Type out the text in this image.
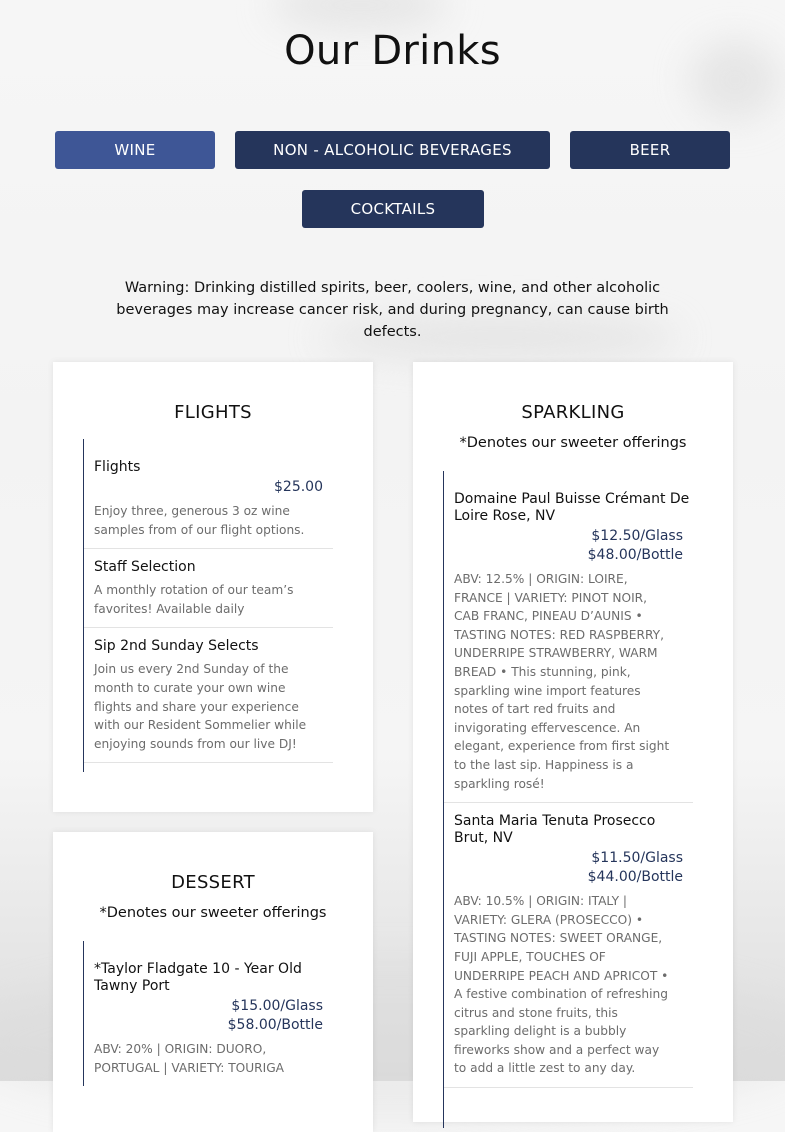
Our Drinks
WINE	NON - ALCOHOLIC BEVERAGES	BEER
COCKTAILS
Warning: Drinking distilled spirits, beer, coolers, wine, and other alcoholic beverages may increase cancer risk, and during pregnancy, can cause birth defects.
FLIGHTS
Flights
$25.00
Enjoy three, generous 3 oz wine samples from of our flight options.
Staff Selection
A monthly rotation of our team’s favorites! Available daily
Sip 2nd Sunday Selects
Join us every 2nd Sunday of the month to curate your own wine flights and share your experience with our Resident Sommelier while enjoying sounds from our live DJ!
DESSERT
*Denotes our sweeter offerings
*Taylor Fladgate 10 - Year Old Tawny Port
$15.00/Glass
$58.00/Bottle
ABV: 20% | ORIGIN: DUORO, PORTUGAL | VARIETY: TOURIGA
SPARKLING
*Denotes our sweeter offerings
Domaine Paul Buisse Crémant De Loire Rose, NV
$12.50/Glass
$48.00/Bottle
ABV: 12.5% | ORIGIN: LOIRE, FRANCE | VARIETY: PINOT NOIR, CAB FRANC, PINEAU D’AUNIS • TASTING NOTES: RED RASPBERRY, UNDERRIPE STRAWBERRY, WARM BREAD • This stunning, pink, sparkling wine import features notes of tart red fruits and invigorating effervescence. An elegant, experience from first sight to the last sip. Happiness is a sparkling rosé!
Santa Maria Tenuta Prosecco Brut, NV
$11.50/Glass
$44.00/Bottle
ABV: 10.5% | ORIGIN: ITALY | VARIETY: GLERA (PROSECCO) • TASTING NOTES: SWEET ORANGE, FUJI APPLE, TOUCHES OF UNDERRIPE PEACH AND APRICOT • A festive combination of refreshing citrus and stone fruits, this sparkling delight is a bubbly fireworks show and a perfect way to add a little zest to any day.
